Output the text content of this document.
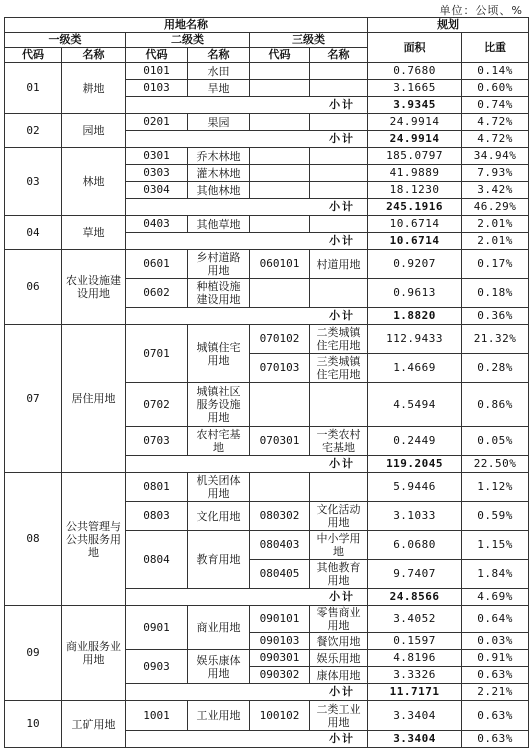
单位：公顷、%
用地名称						规划	
一级类		二级类		三级类		面积	比重
代码	名称	代码	名称	代码	名称		
01	耕地	0101	水田			0.7680	0.14%
		0103	旱地			3.1665	0.60%
		小计				3.9345	0.74%
02	园地	0201	果园			24.9914	4.72%
		小计				24.9914	4.72%
03	林地	0301	乔木林地			185.0797	34.94%
		0303	灌木林地			41.9889	7.93%
		0304	其他林地			18.1230	3.42%
		小计				245.1916	46.29%
04	草地	0403	其他草地			10.6714	2.01%
		小计				10.6714	2.01%
06	农业设施建设用地	0601	乡村道路用地	060101	村道用地	0.9207	0.17%
		0602	种植设施建设用地			0.9613	0.18%
		小计				1.8820	0.36%
07	居住用地	0701	城镇住宅用地	070102	二类城镇住宅用地	112.9433	21.32%
				070103	三类城镇住宅用地	1.4669	0.28%
		0702	城镇社区服务设施用地			4.5494	0.86%
		0703	农村宅基地	070301	一类农村宅基地	0.2449	0.05%
		小计				119.2045	22.50%
08	公共管理与公共服务用地	0801	机关团体用地			5.9446	1.12%
		0803	文化用地	080302	文化活动用地	3.1033	0.59%
		0804	教育用地	080403	中小学用地	6.0680	1.15%
				080405	其他教育用地	9.7407	1.84%
		小计				24.8566	4.69%
09	商业服务业用地	0901	商业用地	090101	零售商业用地	3.4052	0.64%
				090103	餐饮用地	0.1597	0.03%
		0903	娱乐康体用地	090301	娱乐用地	4.8196	0.91%
				090302	康体用地	3.3326	0.63%
		小计				11.7171	2.21%
10	工矿用地	1001	工业用地	100102	二类工业用地	3.3404	0.63%
		小计				3.3404	0.63%
